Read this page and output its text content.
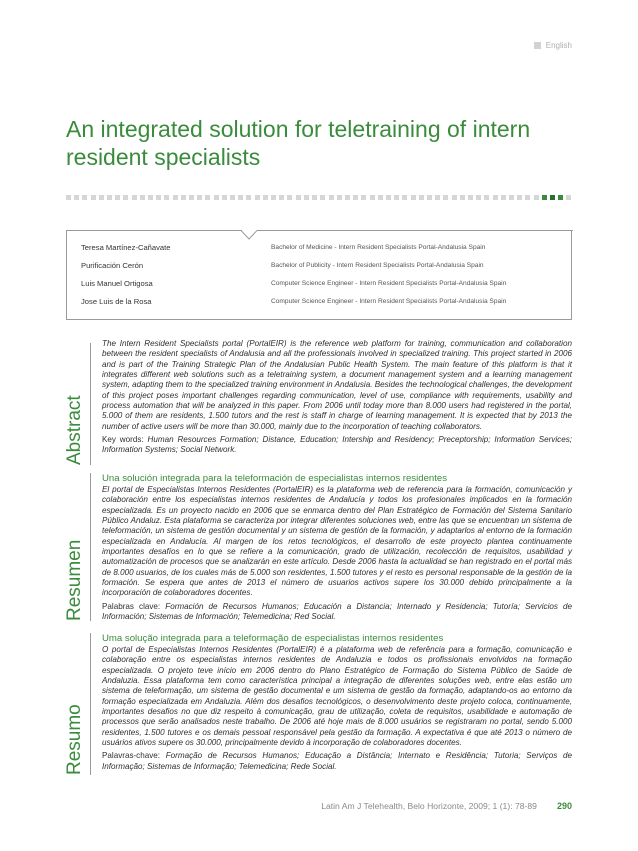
English
An integrated solution for teletraining of intern resident specialists
Teresa Martínez-Cañavate	Bachelor of Medicine - Intern Resident Specialists Portal-Andalusia Spain
Purificación Cerón	Bachelor of Publicity - Intern Resident Specialists Portal-Andalusia Spain
Luis Manuel Ortigosa	Computer Science Engineer - Intern Resident Specialists Portal-Andalusia Spain
Jose Luis de la Rosa	Computer Science Engineer - Intern Resident Specialists Portal-Andalusia Spain
Abstract

The Intern Resident Specialists portal (PortalEIR) is the reference web platform for training, communication and collaboration between the resident specialists of Andalusia and all the professionals involved in specialized training. This project started in 2006 and is part of the Training Strategic Plan of the Andalusian Public Health System. The main feature of this platform is that it integrates different web solutions such as a teletraining system, a document management system and a learning management system, adapting them to the specialized training environment in Andalusia. Besides the technological challenges, the development of this project poses important challenges regarding communication, level of use, compliance with requirements, usability and process automation that will be analyzed in this paper. From 2006 until today more than 8.000 users had registered in the portal, 5.000 of them are residents, 1.500 tutors and the rest is staff in charge of learning management. It is expected that by 2013 the number of active users will be more than 30.000, mainly due to the incorporation of teaching collaborators.

Key words: Human Resources Formation; Distance, Education; Intership and Residency; Preceptorship; Information Services; Information Systems; Social Network.

Resumen

Una solución integrada para la teleformación de especialistas internos residentes

El portal de Especialistas Internos Residentes (PortalEIR) es la plataforma web de referencia para la formación, comunicación y colaboración entre los especialistas internos residentes de Andalucía y todos los profesionales implicados en la formación especializada. Es un proyecto nacido en 2006 que se enmarca dentro del Plan Estratégico de Formación del Sistema Sanitario Público Andaluz. Esta plataforma se caracteriza por integrar diferentes soluciones web, entre las que se encuentran un sistema de teleformación, un sistema de gestión documental y un sistema de gestión de la formación, y adaptarlos al entorno de la formación especializada en Andalucía. Al margen de los retos tecnológicos, el desarrollo de este proyecto plantea continuamente importantes desafíos en lo que se refiere a la comunicación, grado de utilización, recolección de requisitos, usabilidad y automatización de procesos que se analizarán en este artículo. Desde 2006 hasta la actualidad se han registrado en el portal más de 8.000 usuarios, de los cuales más de 5.000 son residentes, 1.500 tutores y el resto es personal responsable de la gestión de la formación. Se espera que antes de 2013 el número de usuarios activos supere los 30.000 debido principalmente a la incorporación de colaboradores docentes.

Palabras clave: Formación de Recursos Humanos; Educación a Distancia; Internado y Residencia; Tutoría; Servicios de Información; Sistemas de Información; Telemedicina; Red Social.

Resumo

Uma solução integrada para a teleformação de especialistas internos residentes

O portal de Especialistas Internos Residentes (PortalEIR) é a plataforma web de referência para a formação, comunicação e colaboração entre os especialistas internos residentes de Andaluzia e todos os profissionais envolvidos na formação especializada. O projeto teve início em 2006 dentro do Plano Estratégico de Formação do Sistema Público de Saúde de Andaluzia. Essa plataforma tem como característica principal a integração de diferentes soluções web, entre elas estão um sistema de teleformação, um sistema de gestão documental e um sistema de gestão da formação, adaptando-os ao entorno da formação especializada em Andaluzia. Além dos desafios tecnológicos, o desenvolvimento deste projeto coloca, continuamente, importantes desafios no que diz respeito à comunicação, grau de utilização, coleta de requisitos, usabilidade e automação de processos que serão analisados neste trabalho. De 2006 até hoje mais de 8.000 usuários se registraram no portal, sendo 5.000 residentes, 1.500 tutores e os demais pessoal responsável pela gestão da formação. A expectativa é que até 2013 o número de usuários ativos supere os 30.000, principalmente devido à incorporação de colaboradores docentes.

Palavras-chave: Formação de Recursos Humanos; Educação a Distância; Internato e Residência; Tutoria; Serviços de Informação; Sistemas de Informação; Telemedicina; Rede Social.

Latin Am J Telehealth, Belo Horizonte, 2009; 1 (1): 78-89 290
